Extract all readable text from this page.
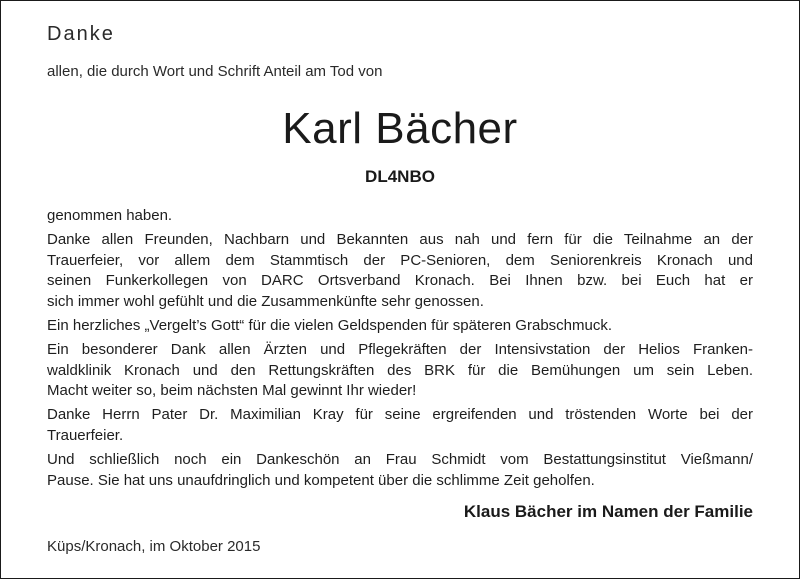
Danke
allen, die durch Wort und Schrift Anteil am Tod von
Karl Bächer
DL4NBO

genommen haben.

Danke allen Freunden, Nachbarn und Bekannten aus nah und fern für die Teilnahme an der
Trauerfeier, vor allem dem Stammtisch der PC-Senioren, dem Seniorenkreis Kronach und
seinen Funkerkollegen von DARC Ortsverband Kronach. Bei Ihnen bzw. bei Euch hat er
sich immer wohl gefühlt und die Zusammenkünfte sehr genossen.

Ein herzliches „Vergelt’s Gott“ für die vielen Geldspenden für späteren Grabschmuck.

Ein besonderer Dank allen Ärzten und Pflegekräften der Intensivstation der Helios Franken-
waldklinik Kronach und den Rettungskräften des BRK für die Bemühungen um sein Leben.
Macht weiter so, beim nächsten Mal gewinnt Ihr wieder!

Danke Herrn Pater Dr. Maximilian Kray für seine ergreifenden und tröstenden Worte bei der
Trauerfeier.

Und schließlich noch ein Dankeschön an Frau Schmidt vom Bestattungsinstitut Vießmann/
Pause. Sie hat uns unaufdringlich und kompetent über die schlimme Zeit geholfen.

Klaus Bächer im Namen der Familie
Küps/Kronach, im Oktober 2015
